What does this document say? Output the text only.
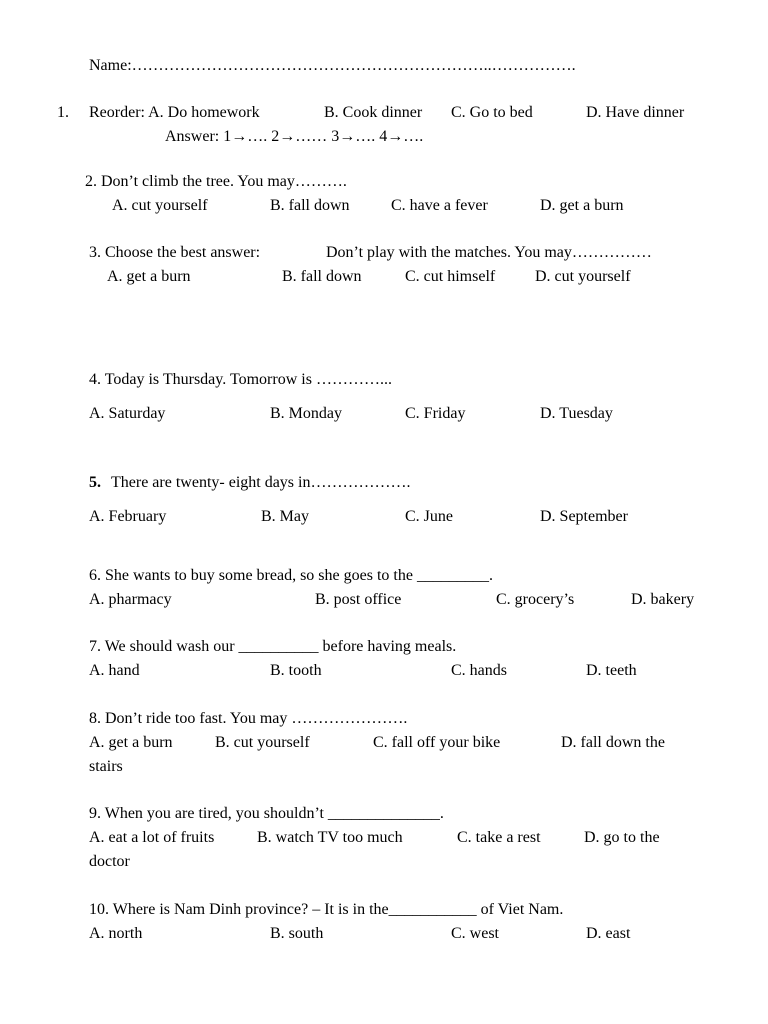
Name:…………………………………………………………..…………….
1. Reorder: A. Do homework	B. Cook dinner C. Go to bed	D. Have dinner
Answer: 1→…. 2→…… 3→…. 4→….
2. Don’t climb the tree. You may……….
A. cut yourself	B. fall down	C. have a fever	D. get a burn
3. Choose the best answer:	Don’t play with the matches. You may……………
A. get a burn	B. fall down	C. cut himself D. cut yourself
4. Today is Thursday. Tomorrow is …………...
A. Saturday	B. Monday	C. Friday	D. Tuesday
5. There are twenty- eight days in……………….
A. February	B. May	C. June	D. September
6. She wants to buy some bread, so she goes to the _________.
A. pharmacy	B. post office	C. grocery’s	D. bakery
7. We should wash our __________ before having meals.
A. hand	B. tooth	C. hands	D. teeth
8. Don’t ride too fast. You may ………………….
A. get a burn	B. cut yourself	C. fall off your bike	D. fall down the
stairs
9. When you are tired, you shouldn’t ______________.
A. eat a lot of fruits	B. watch TV too much	C. take a rest	D. go to the
doctor
10. Where is Nam Dinh province? – It is in the___________ of Viet Nam.
A. north	B. south	C. west	D. east
